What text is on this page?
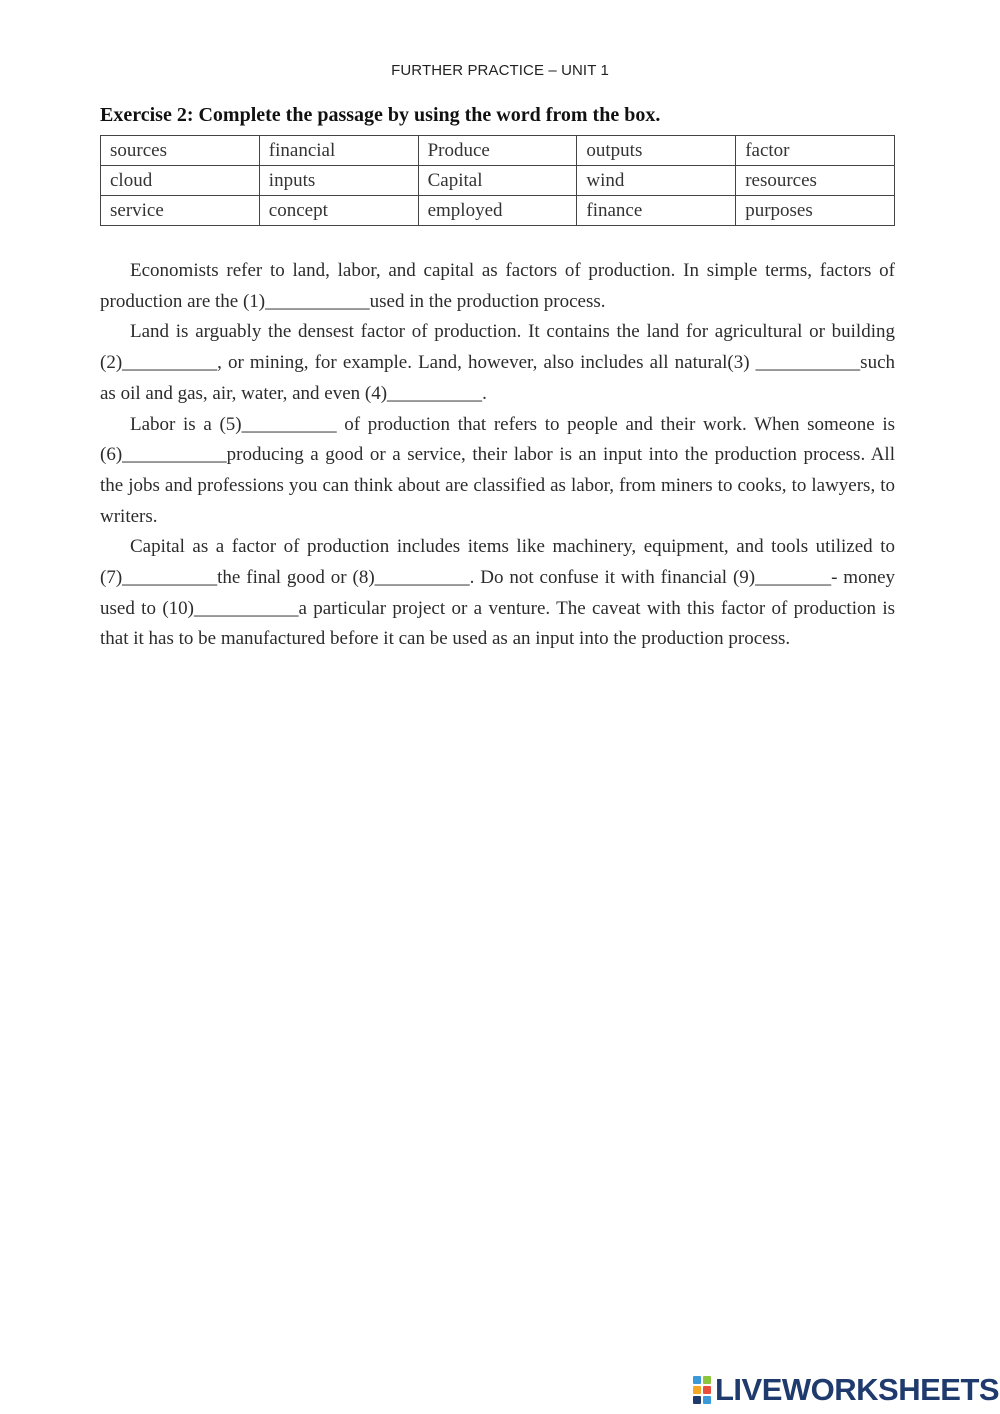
FURTHER PRACTICE – UNIT 1
Exercise 2: Complete the passage by using the word from the box.
sources	financial	Produce	outputs	factor
cloud	inputs	Capital	wind	resources
service	concept	employed	finance	purposes

Economists refer to land, labor, and capital as factors of production. In simple terms, factors of production are the (1)___________used in the production process.

Land is arguably the densest factor of production. It contains the land for agricultural or building (2)__________, or mining, for example. Land, however, also includes all natural(3) ___________such as oil and gas, air, water, and even (4)__________.

Labor is a (5)__________ of production that refers to people and their work. When someone is (6)___________producing a good or a service, their labor is an input into the production process. All the jobs and professions you can think about are classified as labor, from miners to cooks, to lawyers, to writers.

Capital as a factor of production includes items like machinery, equipment, and tools utilized to (7)__________the final good or (8)__________. Do not confuse it with financial (9)________- money used to (10)___________a particular project or a venture. The caveat with this factor of production is that it has to be manufactured before it can be used as an input into the production process.

LIVEWORKSHEETS
